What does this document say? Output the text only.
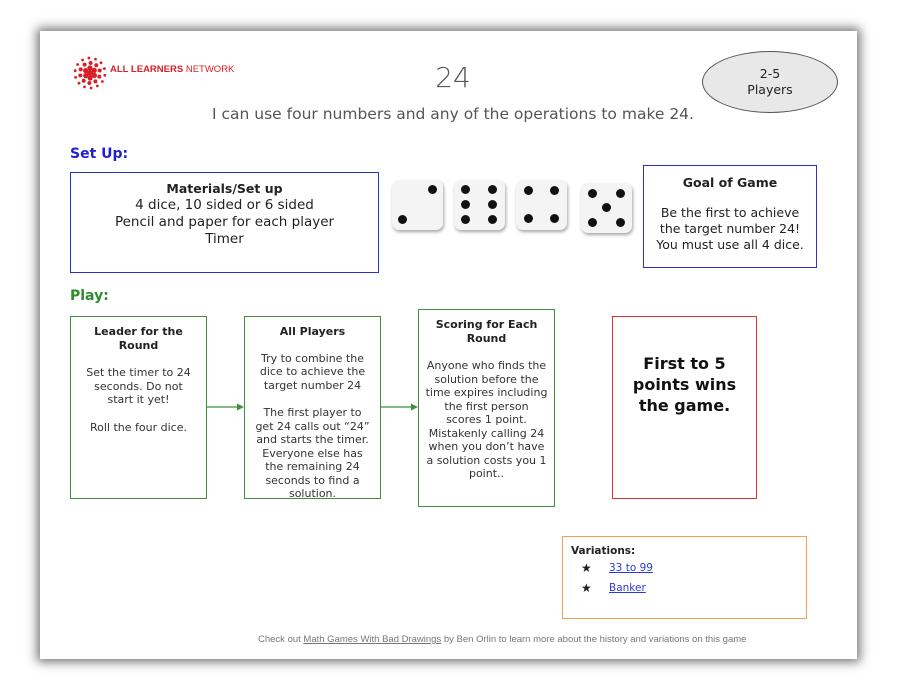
ALL LEARNERS NETWORK	24
I can use four numbers and any of the operations to make 24.
2-5
Players
Set Up:
Materials/Set up
4 dice, 10 sided or 6 sided
Pencil and paper for each player
Timer
Goal of Game
Be the first to achieve
the target number 24!
You must use all 4 dice.
Play:
Leader for the Round
Set the timer to 24 seconds. Do not start it yet!
Roll the four dice.
All Players
Try to combine the dice to achieve the target number 24
The first player to get 24 calls out “24” and starts the timer. Everyone else has the remaining 24 seconds to find a solution.
Scoring for Each Round
Anyone who finds the solution before the time expires including the first person scores 1 point. Mistakenly calling 24 when you don’t have a solution costs you 1 point..
First to 5 points wins the game.
Variations:
★ 33 to 99
★ Banker
Check out Math Games With Bad Drawings by Ben Orlin to learn more about the history and variations on this game
